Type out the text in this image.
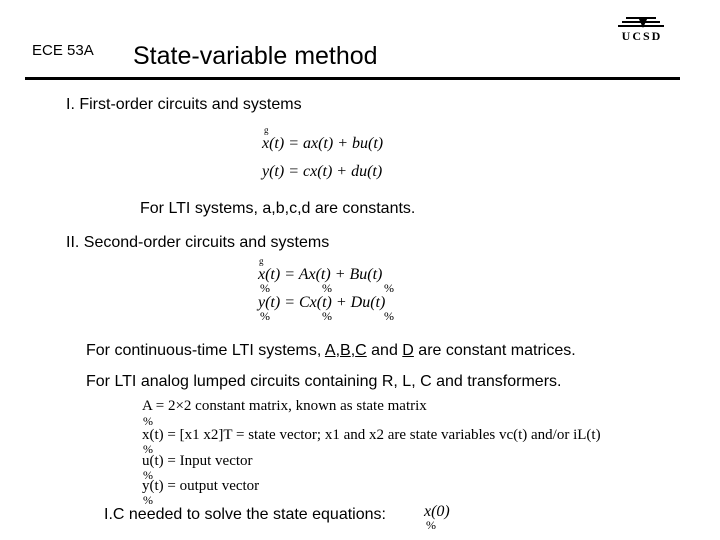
ECE 53A State-variable method
UCSD
I. First-order circuits and systems
g
x(t) = ax(t) + bu(t)
y(t) = cx(t) + du(t)
For LTI systems, a,b,c,d are constants.
II. Second-order circuits and systems
g
x(t) = Ax(t) + Bu(t)
%	%	%
y(t) = Cx(t) + Du(t)
%	%	%
For continuous-time LTI systems, A,B,C and D are constant matrices.
For LTI analog lumped circuits containing R, L, C and transformers.
A = 2×2 constant matrix, known as state matrix
%
x(t) = [x1 x2]T = state vector; x1 and x2 are state variables vc(t) and/or iL(t)
%
u(t) = Input vector
%
y(t) = output vector
%
I.C needed to solve the state equations: x(0)
%
